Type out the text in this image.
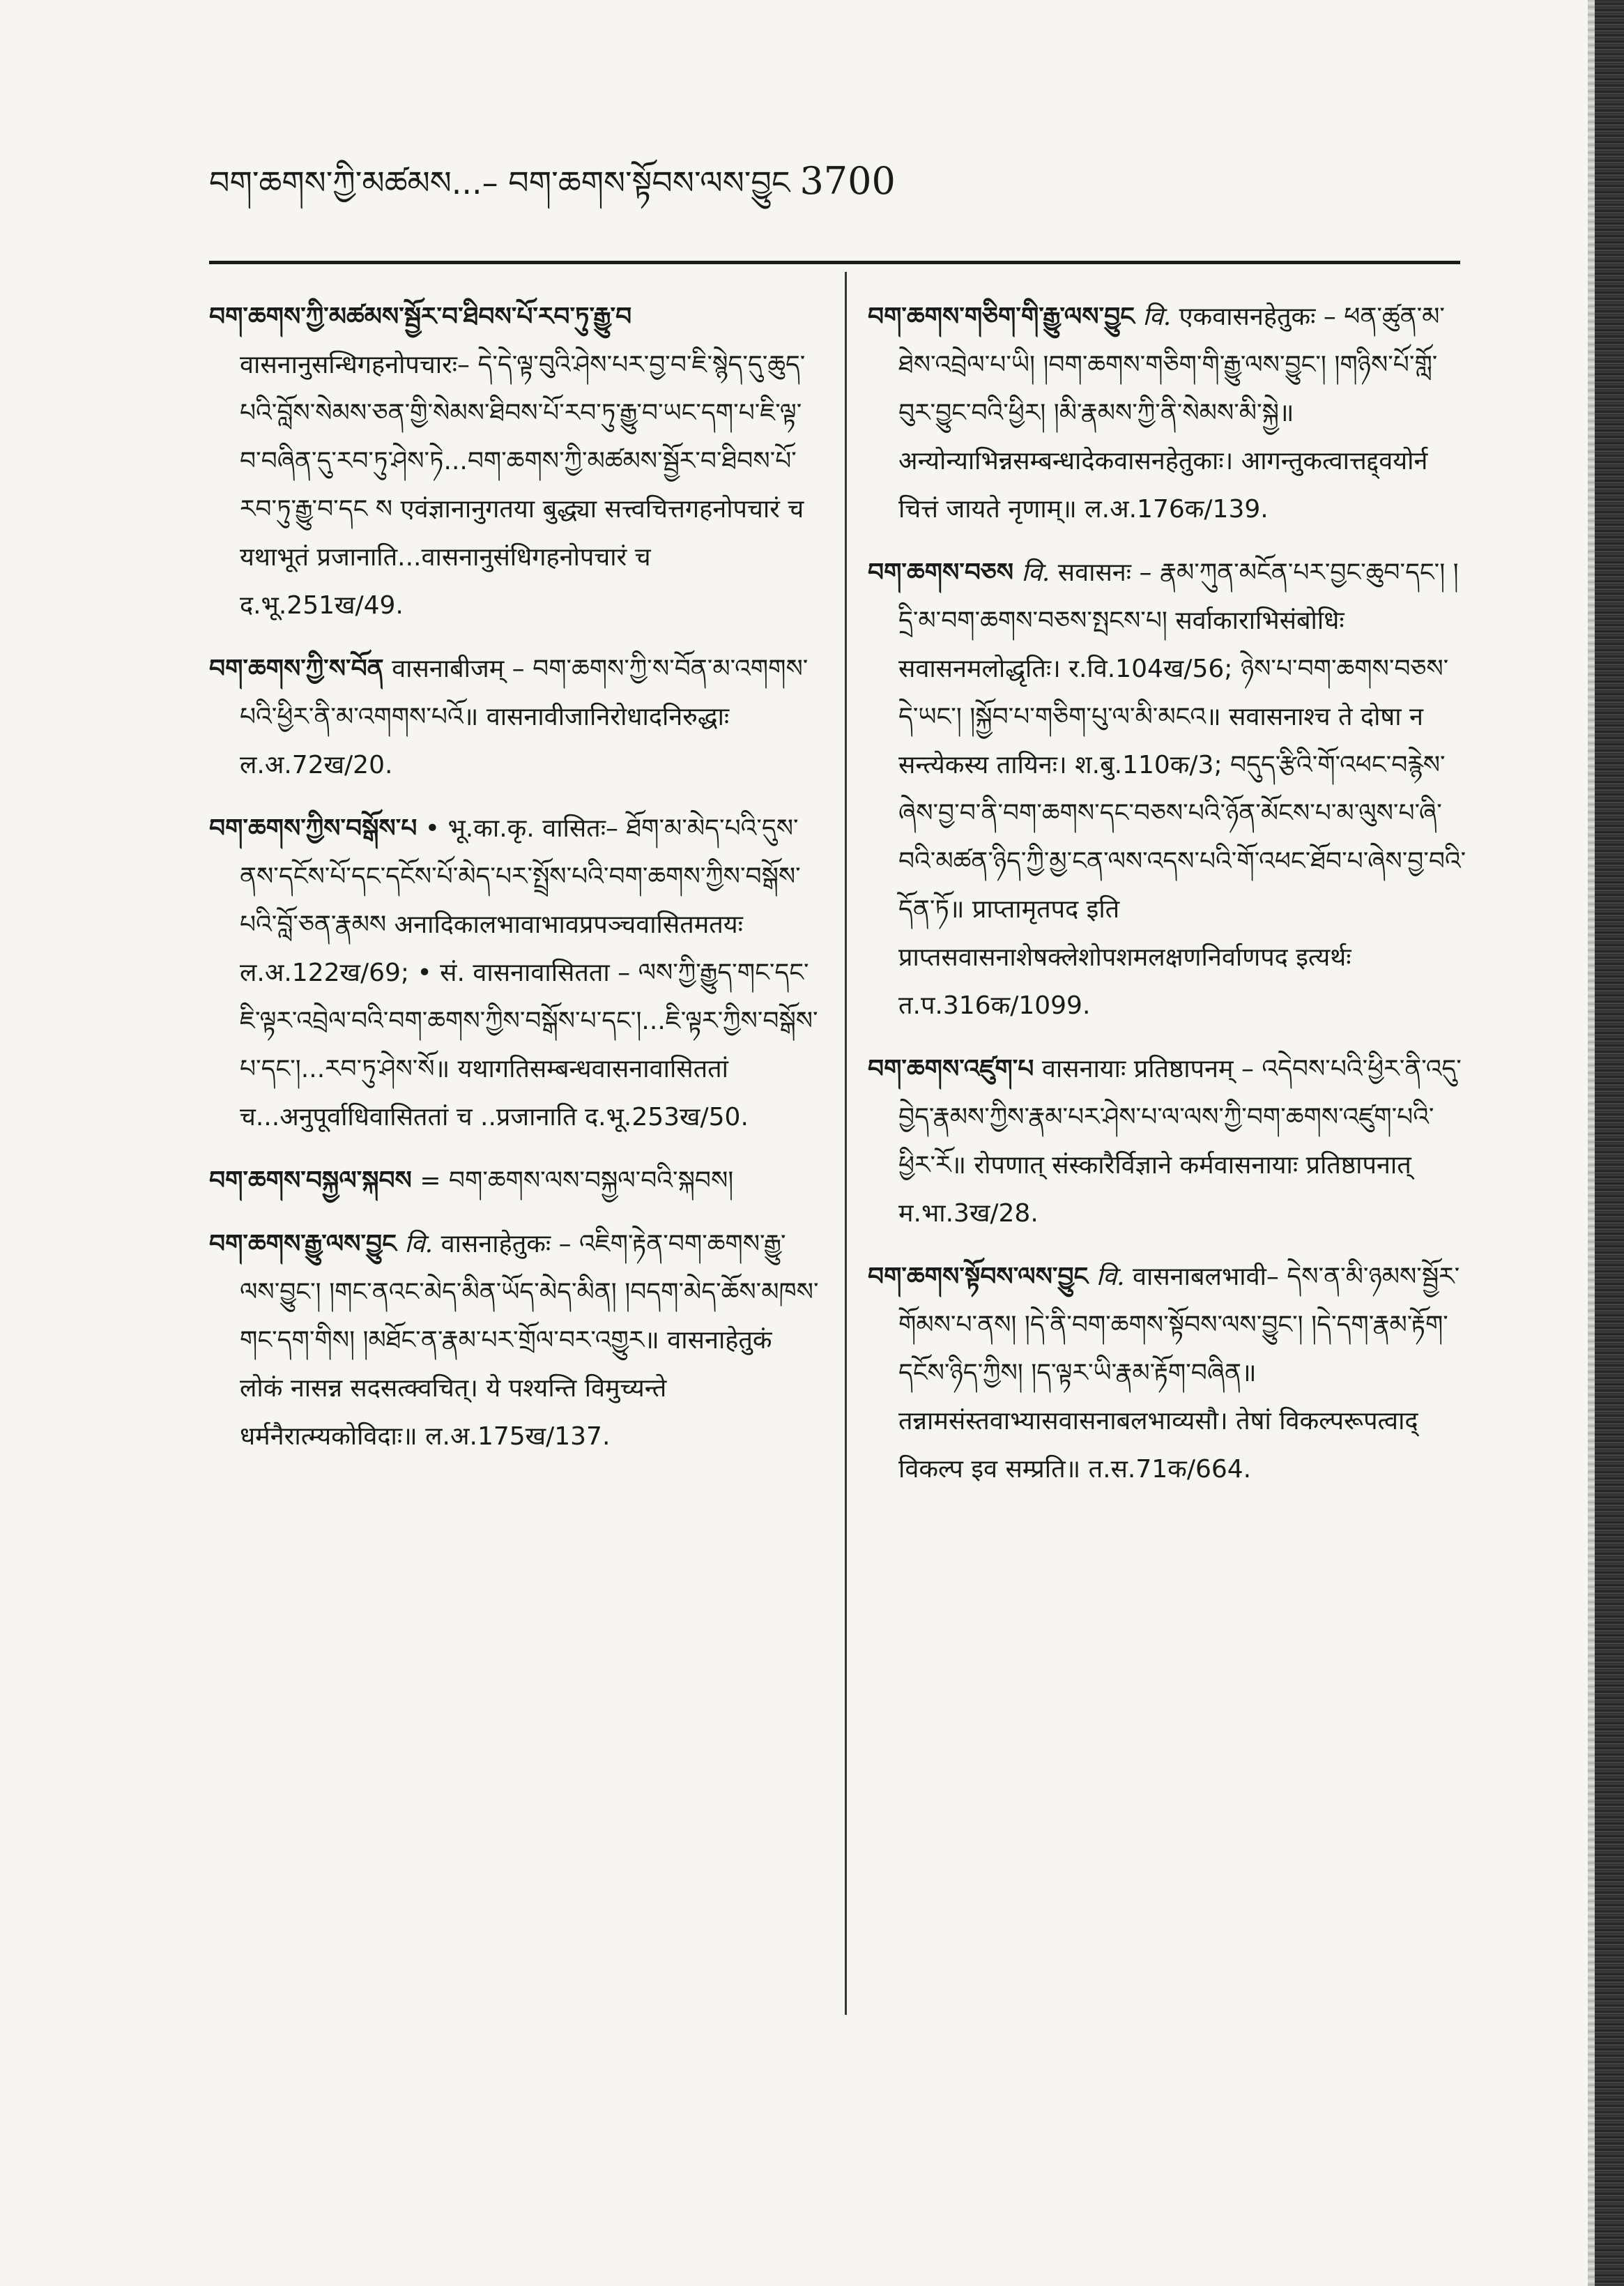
བག་ཆགས་ཀྱི་མཚམས...– བག་ཆགས་སྟོབས་ལས་བྱུང 3700

བག་ཆགས་ཀྱི་མཚམས་སྦྱོར་བ་ཐིབས་པོ་རབ་ཏུ་རྒྱུ་བ वासनानुसन्धिगहनोपचारः– དེ་དེ་ལྟ་བུའི་ཤེས་པར་བྱ་བ་ཇི་སྙེད་དུ་ཆུད་པའི་བློས་སེམས་ཅན་གྱི་སེམས་ཐིབས་པོ་རབ་ཏུ་རྒྱུ་བ་ཡང་དག་པ་ཇི་ལྟ་བ་བཞིན་དུ་རབ་ཏུ་ཤེས་ཏེ...བག་ཆགས་ཀྱི་མཚམས་སྦྱོར་བ་ཐིབས་པོ་རབ་ཏུ་རྒྱུ་བ་དང ས एवंज्ञानानुगतया बुद्ध्या सत्त्वचित्तगहनोपचारं च यथाभूतं प्रजानाति...वासनानुसंधिगहनोपचारं च द.भू.251ख/49.

བག་ཆགས་ཀྱི་ས་བོན वासनाबीजम् – བག་ཆགས་ཀྱི་ས་བོན་མ་འགགས་པའི་ཕྱིར་ནི་མ་འགགས་པའོ॥ वासनावीजानिरोधादनिरुद्धाः ल.अ.72ख/20.

བག་ཆགས་ཀྱིས་བསྒོས་པ • भू.का.कृ. वासितः– ཐོག་མ་མེད་པའི་དུས་ནས་དངོས་པོ་དང་དངོས་པོ་མེད་པར་སྤྲོས་པའི་བག་ཆགས་ཀྱིས་བསྒོས་པའི་བློ་ཅན་རྣམས अनादिकालभावाभावप्रपञ्चवासितमतयः ल.अ.122ख/69; • सं. वासनावासितता – ལས་ཀྱི་རྒྱུད་གང་དང་ཇི་ལྟར་འབྲེལ་བའི་བག་ཆགས་ཀྱིས་བསྒོས་པ་དང་།...ཇི་ལྟར་ཀྱིས་བསྒོས་པ་དང་།...རབ་ཏུ་ཤེས་སོ॥ यथागतिसम्बन्धवासनावासिततां च...अनुपूर्वाधिवासिततां च ..प्रजानाति द.भू.253ख/50.

བག་ཆགས་བསྐྱལ་སྐབས = བག་ཆགས་ལས་བསྐྱལ་བའི་སྐབས།

བག་ཆགས་རྒྱུ་ལས་བྱུང वि. वासनाहेतुकः – འཇིག་རྟེན་བག་ཆགས་རྒྱུ་ལས་བྱུང་། །གང་ནའང་མེད་མིན་ཡོད་མེད་མིན། །བདག་མེད་ཆོས་མཁས་གང་དག་གིས། །མཐོང་ན་རྣམ་པར་གྲོལ་བར་འགྱུར॥ वासनाहेतुकं लोकं नासन्न सदसत्क्वचित्। ये पश्यन्ति विमुच्यन्ते धर्मनैरात्म्यकोविदाः॥ ल.अ.175ख/137.

བག་ཆགས་གཅིག་གི་རྒྱུ་ལས་བྱུང वि. एकवासनहेतुकः – ཕན་ཚུན་མ་ཐེས་འབྲེལ་པ་ཡི། །བག་ཆགས་གཅིག་གི་རྒྱུ་ལས་བྱུང་། །གཉིས་པོ་གློ་བུར་བྱུང་བའི་ཕྱིར། །མི་རྣམས་ཀྱི་ནི་སེམས་མི་སྐྱེ॥ अन्योन्याभिन्नसम्बन्धादेकवासनहेतुकाः। आगन्तुकत्वात्तद्द्वयोर्न चित्तं जायते नृणाम्॥ ल.अ.176क/139.

བག་ཆགས་བཅས वि. सवासनः – རྣམ་ཀུན་མངོན་པར་བྱང་ཆུབ་དང་། །དྲི་མ་བག་ཆགས་བཅས་སྤངས་པ། सर्वाकाराभिसंबोधिः सवासनमलोद्धृतिः। र.वि.104ख/56; ཉེས་པ་བག་ཆགས་བཅས་དེ་ཡང་། །སྐྱོབ་པ་གཅིག་པུ་ལ་མི་མངའ॥ सवासनाश्च ते दोषा न सन्त्येकस्य तायिनः। श.बु.110क/3; བདུད་རྩིའི་གོ་འཕང་བརྙེས་ཞེས་བྱ་བ་ནི་བག་ཆགས་དང་བཅས་པའི་ཉོན་མོངས་པ་མ་ལུས་པ་ཞི་བའི་མཚན་ཉིད་ཀྱི་མྱ་ངན་ལས་འདས་པའི་གོ་འཕང་ཐོབ་པ་ཞེས་བྱ་བའི་དོན་ཏོ॥ प्राप्तामृतपद इति प्राप्तसवासनाशेषक्लेशोपशमलक्षणनिर्वाणपद इत्यर्थः त.प.316क/1099.

བག་ཆགས་འཛུག་པ वासनायाः प्रतिष्ठापनम् – འདེབས་པའི་ཕྱིར་ནི་འདུ་བྱེད་རྣམས་ཀྱིས་རྣམ་པར་ཤེས་པ་ལ་ལས་ཀྱི་བག་ཆགས་འཛུག་པའི་ཕྱིར་རོ॥ रोपणात् संस्कारैर्विज्ञाने कर्मवासनायाः प्रतिष्ठापनात् म.भा.3ख/28.

བག་ཆགས་སྟོབས་ལས་བྱུང वि. वासनाबलभावी– དེས་ན་མི་ཉམས་སྦྱོར་གོམས་པ་ནས། །དེ་ནི་བག་ཆགས་སྟོབས་ལས་བྱུང་། །དེ་དག་རྣམ་རྟོག་དངོས་ཉིད་ཀྱིས། །ད་ལྟར་ཡི་རྣམ་རྟོག་བཞིན॥ तन्नामसंस्तवाभ्यासवासनाबलभाव्यसौ। तेषां विकल्परूपत्वाद् विकल्प इव सम्प्रति॥ त.स.71क/664.
